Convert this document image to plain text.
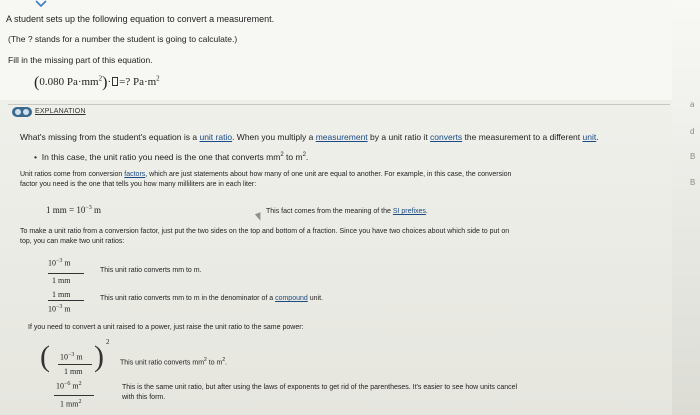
A student sets up the following equation to convert a measurement.
(The ? stands for a number the student is going to calculate.)
Fill in the missing part of this equation.
(0.080 $Pa\cdot mm^2)\cdot$ =? $Pa\cdot m^2$
EXPLANATION
What's missing from the student's equation is a unit ratio. When you multiply a measurement by a unit ratio it converts the measurement to a different unit.
•  In this case, the unit ratio you need is the one that converts $mm^2$ to $m^2$.
Unit ratios come from conversion factors, which are just statements about how many of one unit are equal to another. For example, in this case, the conversion
factor you need is the one that tells you how many milliliters are in each liter:
1 mm = $10^{-3}$ m	This fact comes from the meaning of the SI prefixes.
To make a unit ratio from a conversion factor, just put the two sides on the top and bottom of a fraction. Since you have two choices about which side to put on
top, you can make two unit ratios:
$10^{-3}$ m
1 mm
This unit ratio converts mm to m.
1 mm
$10^{-3}$ m
This unit ratio converts mm to m in the denominator of a compound unit.
If you need to convert a unit raised to a power, just raise the unit ratio to the same power:
( $10^{-3}$ m
1 mm ) 2
This unit ratio converts $mm^2$ to $m^2$.
$10^{-6}$ $m^2$
1 $mm^2$
This is the same unit ratio, but after using the laws of exponents to get rid of the parentheses. It's easier to see how units cancel
with this form.
a
d
B
B
